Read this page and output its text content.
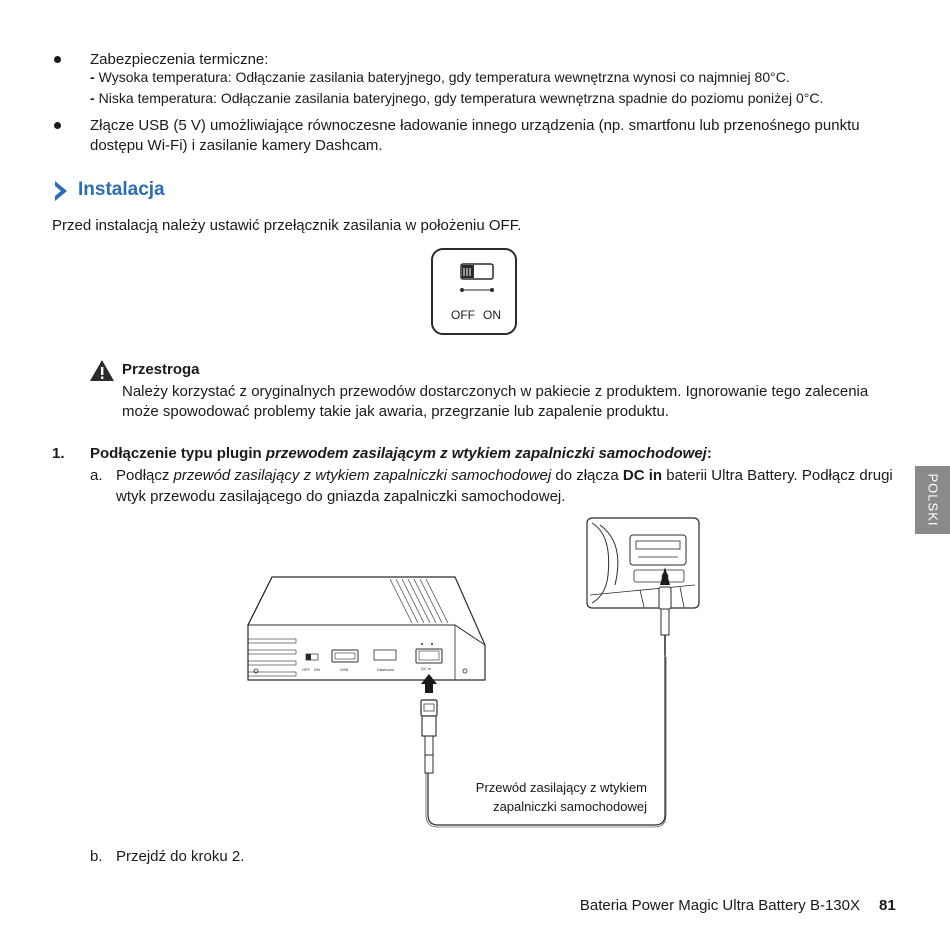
Zabezpieczenia termiczne:
- Wysoka temperatura: Odłączanie zasilania bateryjnego, gdy temperatura wewnętrzna wynosi co najmniej 80°C.
- Niska temperatura: Odłączanie zasilania bateryjnego, gdy temperatura wewnętrzna spadnie do poziomu poniżej 0°C.
Złącze USB (5 V) umożliwiające równoczesne ładowanie innego urządzenia (np. smartfonu lub przenośnego punktu
dostępu Wi-Fi) i zasilanie kamery Dashcam.
Instalacja
Przed instalacją należy ustawić przełącznik zasilania w położeniu OFF.
OFF ON
Przestroga
Należy korzystać z oryginalnych przewodów dostarczonych w pakiecie z produktem. Ignorowanie tego zalecenia
może spowodować problemy takie jak awaria, przegrzanie lub zapalenie produktu.
1. Podłączenie typu plugin przewodem zasilającym z wtykiem zapalniczki samochodowej:
a. Podłącz przewód zasilający z wtykiem zapalniczki samochodowej do złącza DC in baterii Ultra Battery. Podłącz drugi
wtyk przewodu zasilającego do gniazda zapalniczki samochodowej.
OFF ON	USB	Dashcam	DC in
Przewód zasilający z wtykiem
zapalniczki samochodowej
b. Przejdź do kroku 2.
POLSKI
Bateria Power Magic Ultra Battery B-130X 81
